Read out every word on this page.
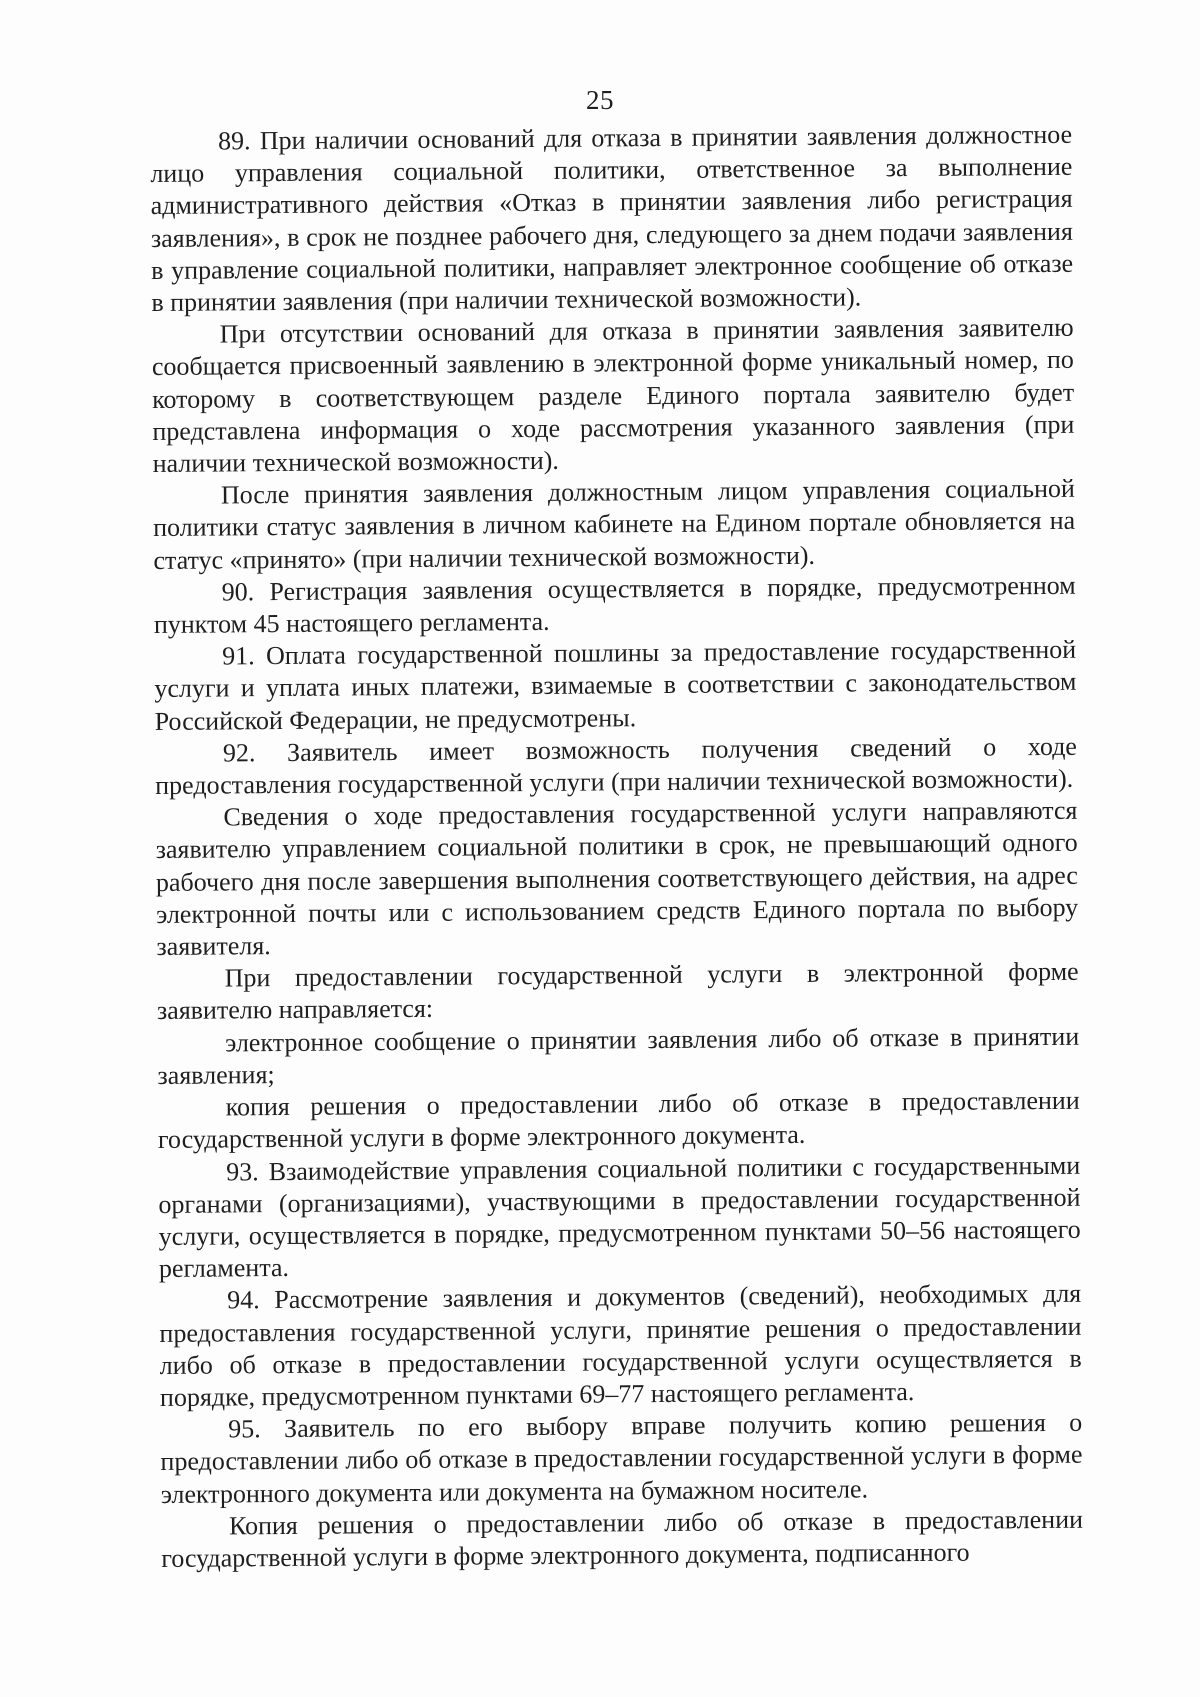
25

89. При наличии оснований для отказа в принятии заявления должностное лицо управления социальной политики, ответственное за выполнение административного действия «Отказ в принятии заявления либо регистрация заявления», в срок не позднее рабочего дня, следующего за днем подачи заявления в управление социальной политики, направляет электронное сообщение об отказе в принятии заявления (при наличии технической возможности).

При отсутствии оснований для отказа в принятии заявления заявителю сообщается присвоенный заявлению в электронной форме уникальный номер, по которому в соответствующем разделе Единого портала заявителю будет представлена информация о ходе рассмотрения указанного заявления (при наличии технической возможности).

После принятия заявления должностным лицом управления социальной политики статус заявления в личном кабинете на Едином портале обновляется на статус «принято» (при наличии технической возможности).

90. Регистрация заявления осуществляется в порядке, предусмотренном пунктом 45 настоящего регламента.

91. Оплата государственной пошлины за предоставление государственной услуги и уплата иных платежи, взимаемые в соответствии с законодательством Российской Федерации, не предусмотрены.

92. Заявитель имеет возможность получения сведений о ходе предоставления государственной услуги (при наличии технической возможности).

Сведения о ходе предоставления государственной услуги направляются заявителю управлением социальной политики в срок, не превышающий одного рабочего дня после завершения выполнения соответствующего действия, на адрес электронной почты или с использованием средств Единого портала по выбору заявителя.

При предоставлении государственной услуги в электронной форме заявителю направляется:

электронное сообщение о принятии заявления либо об отказе в принятии заявления;

копия решения о предоставлении либо об отказе в предоставлении государственной услуги в форме электронного документа.

93. Взаимодействие управления социальной политики с государственными органами (организациями), участвующими в предоставлении государственной услуги, осуществляется в порядке, предусмотренном пунктами 50–56 настоящего регламента.

94. Рассмотрение заявления и документов (сведений), необходимых для предоставления государственной услуги, принятие решения о предоставлении либо об отказе в предоставлении государственной услуги осуществляется в порядке, предусмотренном пунктами 69–77 настоящего регламента.

95. Заявитель по его выбору вправе получить копию решения о предоставлении либо об отказе в предоставлении государственной услуги в форме электронного документа или документа на бумажном носителе.

Копия решения о предоставлении либо об отказе в предоставлении государственной услуги в форме электронного документа, подписанного
